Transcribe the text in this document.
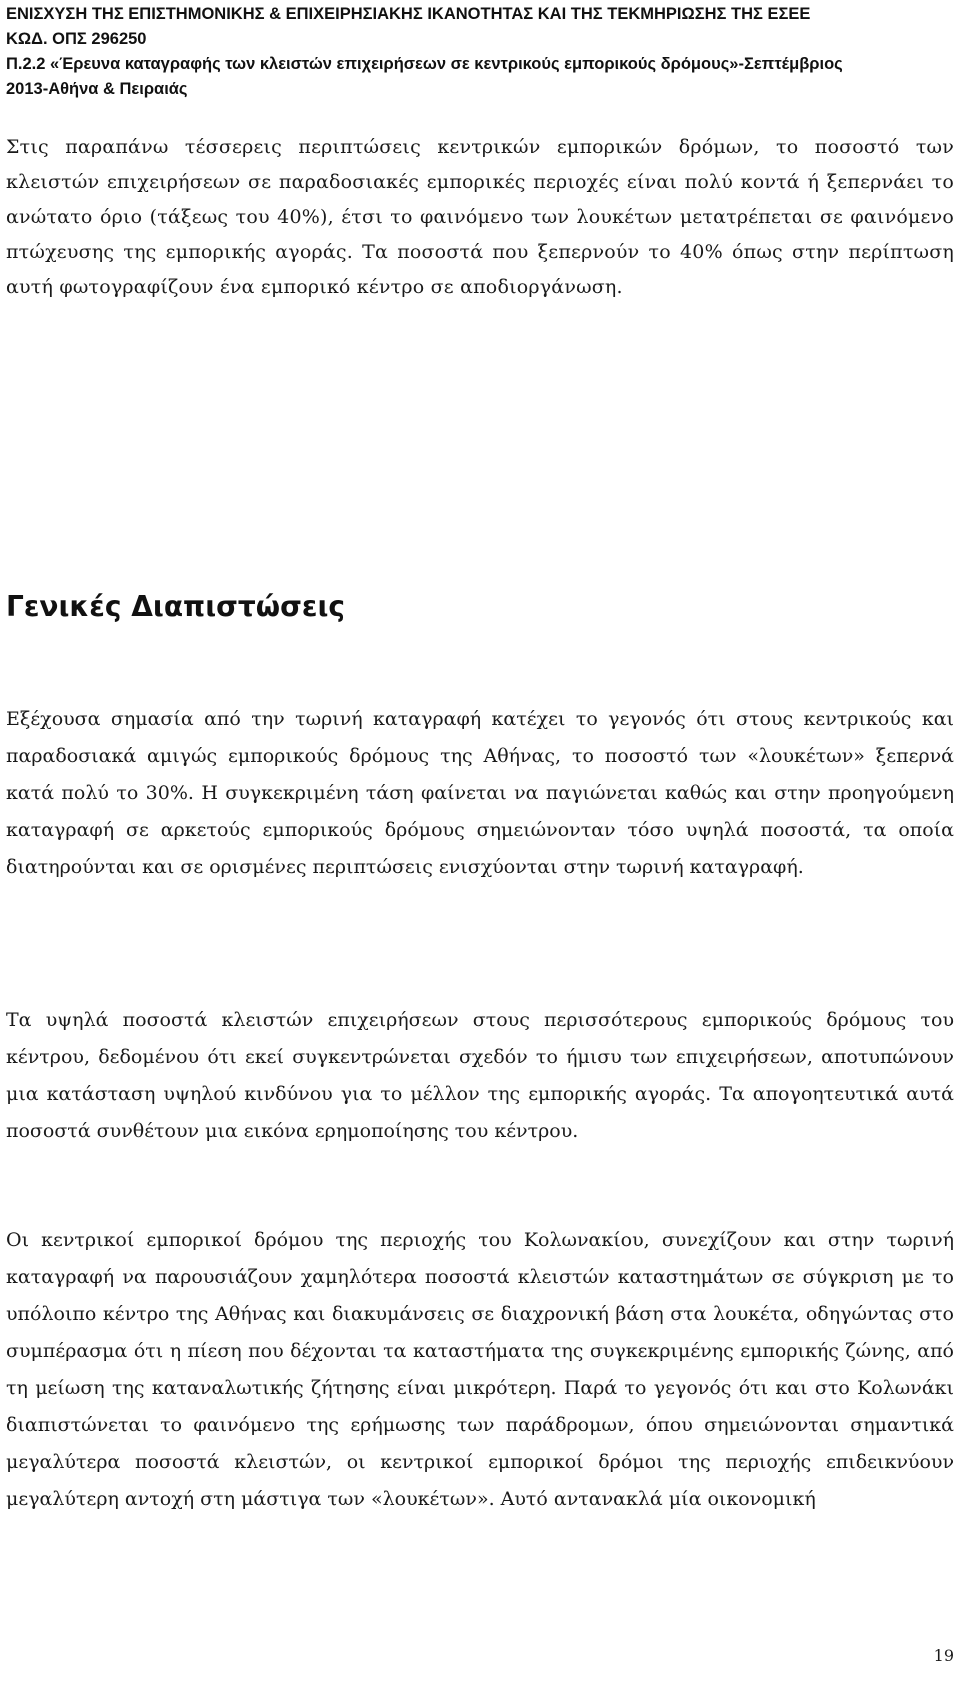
ΕΝΙΣΧΥΣΗ ΤΗΣ ΕΠΙΣΤΗΜΟΝΙΚΗΣ & ΕΠΙΧΕΙΡΗΣΙΑΚΗΣ ΙΚΑΝΟΤΗΤΑΣ ΚΑΙ ΤΗΣ ΤΕΚΜΗΡΙΩΣΗΣ ΤΗΣ ΕΣΕΕ
ΚΩΔ. ΟΠΣ 296250
Π.2.2 «Έρευνα καταγραφής των κλειστών επιχειρήσεων σε κεντρικούς εμπορικούς δρόμους»-Σεπτέμβριος
2013-Αθήνα & Πειραιάς

Στις παραπάνω τέσσερεις περιπτώσεις κεντρικών εμπορικών δρόμων, το ποσοστό των κλειστών επιχειρήσεων σε παραδοσιακές εμπορικές περιοχές είναι πολύ κοντά ή ξεπερνάει το ανώτατο όριο (τάξεως του 40%), έτσι το φαινόμενο των λουκέτων μετατρέπεται σε φαινόμενο πτώχευσης της εμπορικής αγοράς. Τα ποσοστά που ξεπερνούν το 40% όπως στην περίπτωση αυτή φωτογραφίζουν ένα εμπορικό κέντρο σε αποδιοργάνωση.

Γενικές Διαπιστώσεις

Εξέχουσα σημασία από την τωρινή καταγραφή κατέχει το γεγονός ότι στους κεντρικούς και παραδοσιακά αμιγώς εμπορικούς δρόμους της Αθήνας, το ποσοστό των «λουκέτων» ξεπερνά κατά πολύ το 30%. Η συγκεκριμένη τάση φαίνεται να παγιώνεται καθώς και στην προηγούμενη καταγραφή σε αρκετούς εμπορικούς δρόμους σημειώνονταν τόσο υψηλά ποσοστά, τα οποία διατηρούνται και σε ορισμένες περιπτώσεις ενισχύονται στην τωρινή καταγραφή.

Τα υψηλά ποσοστά κλειστών επιχειρήσεων στους περισσότερους εμπορικούς δρόμους του κέντρου, δεδομένου ότι εκεί συγκεντρώνεται σχεδόν το ήμισυ των επιχειρήσεων, αποτυπώνουν μια κατάσταση υψηλού κινδύνου για το μέλλον της εμπορικής αγοράς. Τα απογοητευτικά αυτά ποσοστά συνθέτουν μια εικόνα ερημοποίησης του κέντρου.

Οι κεντρικοί εμπορικοί δρόμου της περιοχής του Κολωνακίου, συνεχίζουν και στην τωρινή καταγραφή να παρουσιάζουν χαμηλότερα ποσοστά κλειστών καταστημάτων σε σύγκριση με το υπόλοιπο κέντρο της Αθήνας και διακυμάνσεις σε διαχρονική βάση στα λουκέτα, οδηγώντας στο συμπέρασμα ότι η πίεση που δέχονται τα καταστήματα της συγκεκριμένης εμπορικής ζώνης, από τη μείωση της καταναλωτικής ζήτησης είναι μικρότερη. Παρά το γεγονός ότι και στο Κολωνάκι διαπιστώνεται το φαινόμενο της ερήμωσης των παράδρομων, όπου σημειώνονται σημαντικά μεγαλύτερα ποσοστά κλειστών, οι κεντρικοί εμπορικοί δρόμοι της περιοχής επιδεικνύουν μεγαλύτερη αντοχή στη μάστιγα των «λουκέτων». Αυτό αντανακλά μία οικονομική

19
